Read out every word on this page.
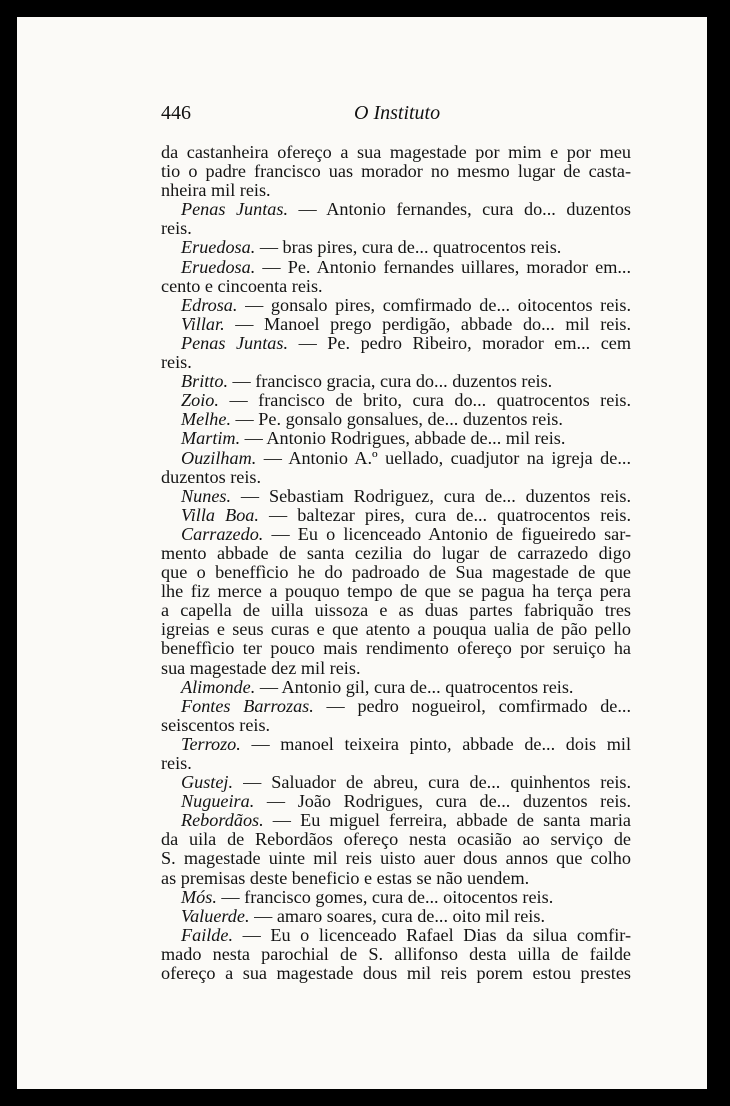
446	O Instituto
da castanheira ofereço a sua magestade por mim e por meu
tio o padre francisco uas morador no mesmo lugar de casta-
nheira mil reis.
Penas Juntas. — Antonio fernandes, cura do... duzentos
reis.
Eruedosa. — bras pires, cura de... quatrocentos reis.
Eruedosa. — Pe. Antonio fernandes uillares, morador em...
cento e cincoenta reis.
Edrosa. — gonsalo pires, comfirmado de... oitocentos reis.
Villar. — Manoel prego perdigão, abbade do... mil reis.
Penas Juntas. — Pe. pedro Ribeiro, morador em... cem
reis.
Britto. — francisco gracia, cura do... duzentos reis.
Zoio. — francisco de brito, cura do... quatrocentos reis.
Melhe. — Pe. gonsalo gonsalues, de... duzentos reis.
Martim. — Antonio Rodrigues, abbade de... mil reis.
Ouzilham. — Antonio A.º uellado, cuadjutor na igreja de...
duzentos reis.
Nunes. — Sebastiam Rodriguez, cura de... duzentos reis.
Villa Boa. — baltezar pires, cura de... quatrocentos reis.
Carrazedo. — Eu o licenceado Antonio de figueiredo sar-
mento abbade de santa cezilia do lugar de carrazedo digo
que o beneffìcio he do padroado de Sua magestade de que
lhe fiz merce a pouquo tempo de que se pagua ha terça pera
a capella de uilla uissoza e as duas partes fabriquão tres
igreias e seus curas e que atento a pouqua ualia de pão pello
beneffìcio ter pouco mais rendimento ofereço por seruiço ha
sua magestade dez mil reis.
Alimonde. — Antonio gil, cura de... quatrocentos reis.
Fontes Barrozas. — pedro nogueirol, comfirmado de...
seiscentos reis.
Terrozo. — manoel teixeira pinto, abbade de... dois mil
reis.
Gustej. — Saluador de abreu, cura de... quinhentos reis.
Nugueira. — João Rodrigues, cura de... duzentos reis.
Rebordãos. — Eu miguel ferreira, abbade de santa maria
da uila de Rebordãos ofereço nesta ocasião ao serviço de
S. magestade uinte mil reis uisto auer dous annos que colho
as premisas deste beneficio e estas se não uendem.
Mós. — francisco gomes, cura de... oitocentos reis.
Valuerde. — amaro soares, cura de... oito mil reis.
Failde. — Eu o licenceado Rafael Dias da silua comfir-
mado nesta parochial de S. allifonso desta uilla de failde
ofereço a sua magestade dous mil reis porem estou prestes
